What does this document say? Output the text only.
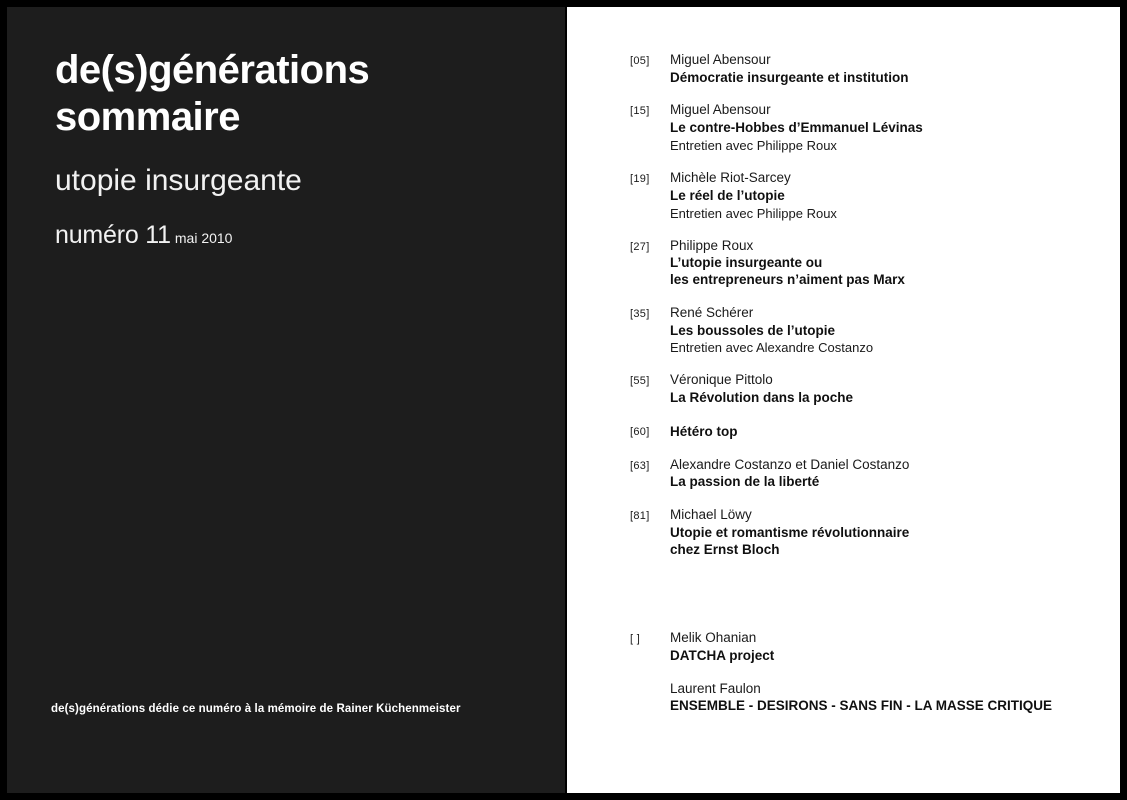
de(s)générations
sommaire
utopie insurgeante
numéro 11 mai 2010
de(s)générations dédie ce numéro à la mémoire de Rainer Küchenmeister
[05]	Miguel Abensour
Démocratie insurgeante et institution
[15]	Miguel Abensour
Le contre-Hobbes d’Emmanuel Lévinas
Entretien avec Philippe Roux
[19]	Michèle Riot-Sarcey
Le réel de l’utopie
Entretien avec Philippe Roux
[27]	Philippe Roux
L’utopie insurgeante ou
les entrepreneurs n’aiment pas Marx
[35]	René Schérer
Les boussoles de l’utopie
Entretien avec Alexandre Costanzo
[55]	Véronique Pittolo
La Révolution dans la poche
[60]	Hétéro top
[63]	Alexandre Costanzo et Daniel Costanzo
La passion de la liberté
[81]	Michael Löwy
Utopie et romantisme révolutionnaire
chez Ernst Bloch
[ ]	Melik Ohanian
DATCHA project
Laurent Faulon
ENSEMBLE - DESIRONS - SANS FIN - LA MASSE CRITIQUE
